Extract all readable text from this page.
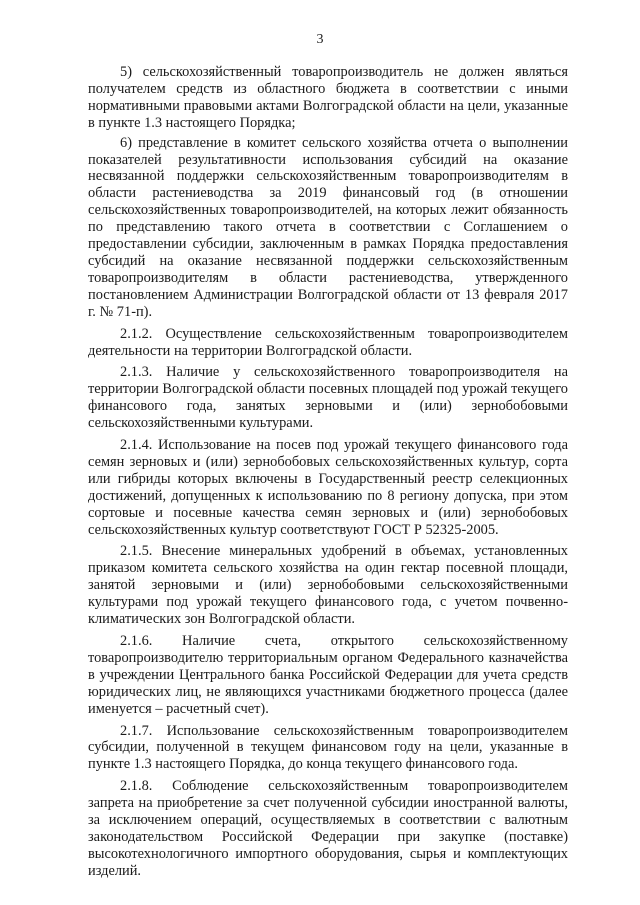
3

5) сельскохозяйственный товаропроизводитель не должен являться получателем средств из областного бюджета в соответствии с иными нормативными правовыми актами Волгоградской области на цели, указанные в пункте 1.3 настоящего Порядка;

6) представление в комитет сельского хозяйства отчета о выполнении показателей результативности использования субсидий на оказание несвязанной поддержки сельскохозяйственным товаропроизводителям в области растениеводства за 2019 финансовый год (в отношении сельскохозяйственных товаропроизводителей, на которых лежит обязанность по представлению такого отчета в соответствии с Соглашением о предоставлении субсидии, заключенным в рамках Порядка предоставления субсидий на оказание несвязанной поддержки сельскохозяйственным товаропроизводителям в области растениеводства, утвержденного постановлением Администрации Волгоградской области от 13 февраля 2017 г. № 71-п).

2.1.2. Осуществление сельскохозяйственным товаропроизводителем деятельности на территории Волгоградской области.

2.1.3. Наличие у сельскохозяйственного товаропроизводителя на территории Волгоградской области посевных площадей под урожай текущего финансового года, занятых зерновыми и (или) зернобобовыми сельскохозяйственными культурами.

2.1.4. Использование на посев под урожай текущего финансового года семян зерновых и (или) зернобобовых сельскохозяйственных культур, сорта или гибриды которых включены в Государственный реестр селекционных достижений, допущенных к использованию по 8 региону допуска, при этом сортовые и посевные качества семян зерновых и (или) зернобобовых сельскохозяйственных культур соответствуют ГОСТ Р 52325-2005.

2.1.5. Внесение минеральных удобрений в объемах, установленных приказом комитета сельского хозяйства на один гектар посевной площади, занятой зерновыми и (или) зернобобовыми сельскохозяйственными культурами под урожай текущего финансового года, с учетом почвенно-климатических зон Волгоградской области.

2.1.6. Наличие счета, открытого сельскохозяйственному товаропроизводителю территориальным органом Федерального казначейства в учреждении Центрального банка Российской Федерации для учета средств юридических лиц, не являющихся участниками бюджетного процесса (далее именуется – расчетный счет).

2.1.7. Использование сельскохозяйственным товаропроизводителем субсидии, полученной в текущем финансовом году на цели, указанные в пункте 1.3 настоящего Порядка, до конца текущего финансового года.

2.1.8. Соблюдение сельскохозяйственным товаропроизводителем запрета на приобретение за счет полученной субсидии иностранной валюты, за исключением операций, осуществляемых в соответствии с валютным законодательством Российской Федерации при закупке (поставке) высокотехнологичного импортного оборудования, сырья и комплектующих изделий.
